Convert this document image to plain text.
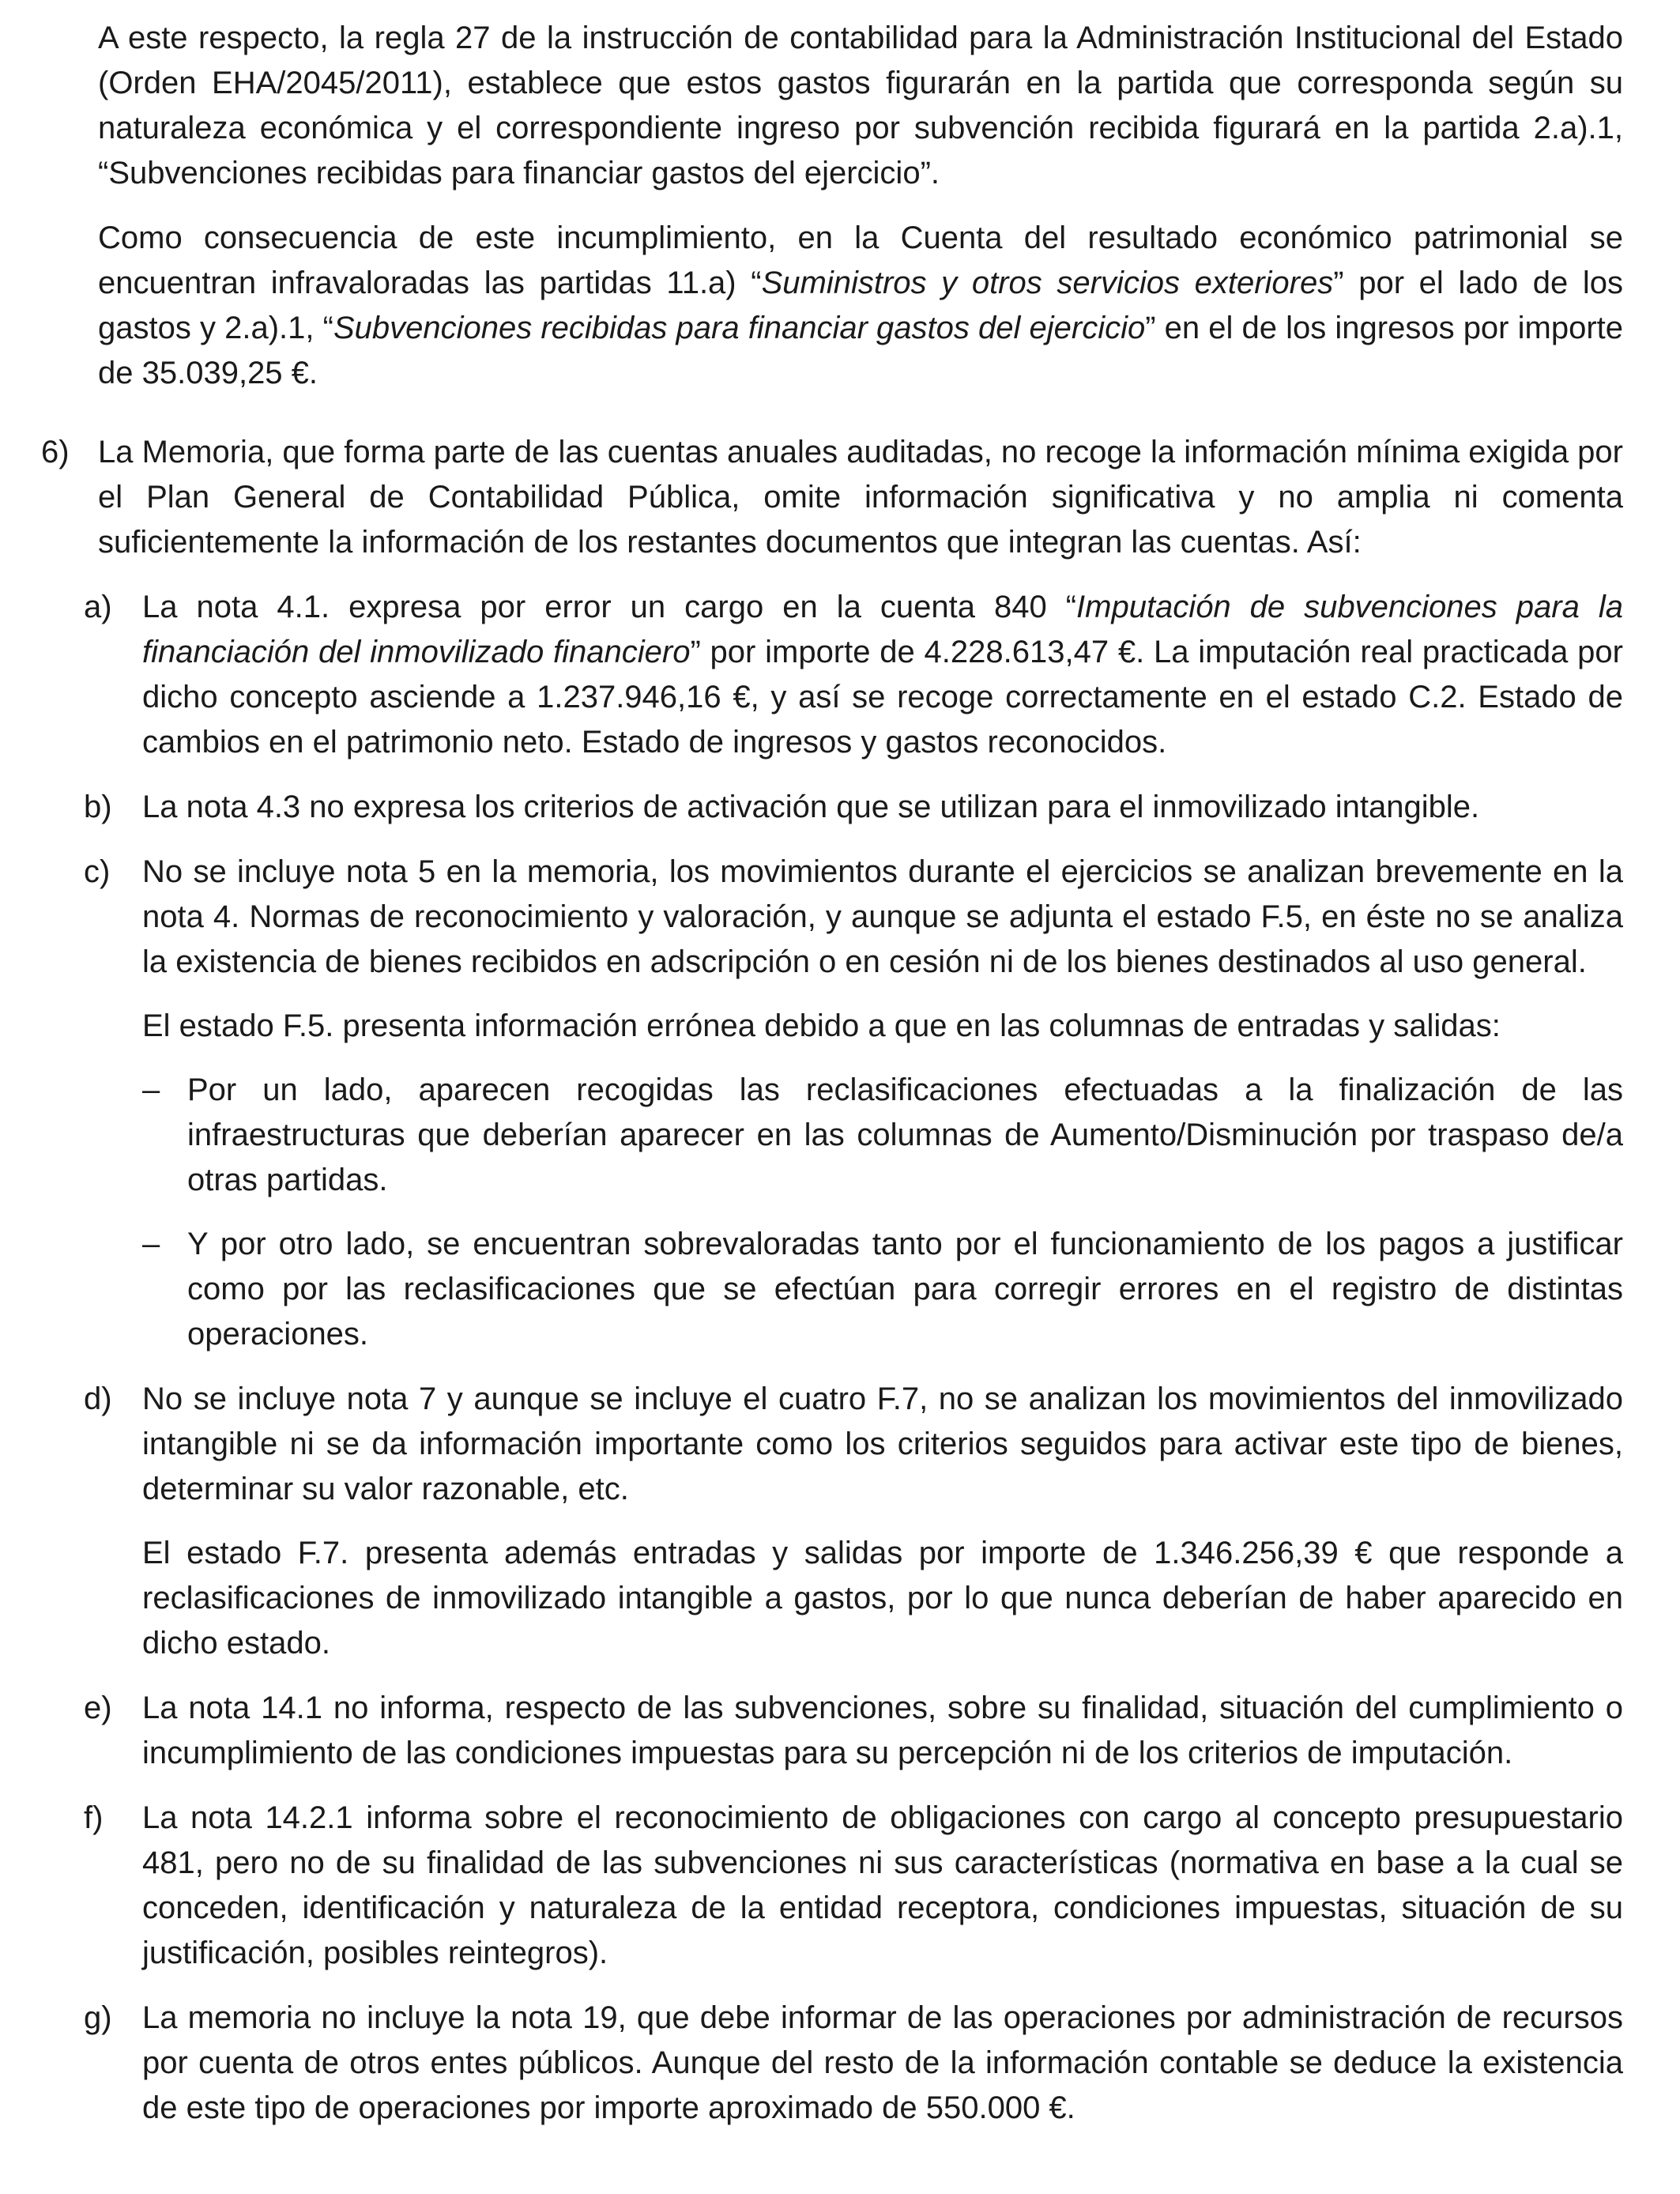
A este respecto, la regla 27 de la instrucción de contabilidad para la Administración Institucional del Estado (Orden EHA/2045/2011), establece que estos gastos figurarán en la partida que corresponda según su naturaleza económica y el correspondiente ingreso por subvención recibida figurará en la partida 2.a).1, “Subvenciones recibidas para financiar gastos del ejercicio”.

Como consecuencia de este incumplimiento, en la Cuenta del resultado económico patrimonial se encuentran infravaloradas las partidas 11.a) “Suministros y otros servicios exteriores” por el lado de los gastos y 2.a).1, “Subvenciones recibidas para financiar gastos del ejercicio” en el de los ingresos por importe de 35.039,25 €.

6) La Memoria, que forma parte de las cuentas anuales auditadas, no recoge la información mínima exigida por el Plan General de Contabilidad Pública, omite información significativa y no amplia ni comenta suficientemente la información de los restantes documentos que integran las cuentas. Así:

a) La nota 4.1. expresa por error un cargo en la cuenta 840 “Imputación de subvenciones para la financiación del inmovilizado financiero” por importe de 4.228.613,47 €. La imputación real practicada por dicho concepto asciende a 1.237.946,16 €, y así se recoge correctamente en el estado C.2. Estado de cambios en el patrimonio neto. Estado de ingresos y gastos reconocidos.

b) La nota 4.3 no expresa los criterios de activación que se utilizan para el inmovilizado intangible.

c) No se incluye nota 5 en la memoria, los movimientos durante el ejercicios se analizan brevemente en la nota 4. Normas de reconocimiento y valoración, y aunque se adjunta el estado F.5, en éste no se analiza la existencia de bienes recibidos en adscripción o en cesión ni de los bienes destinados al uso general.

El estado F.5. presenta información errónea debido a que en las columnas de entradas y salidas:

– Por un lado, aparecen recogidas las reclasificaciones efectuadas a la finalización de las infraestructuras que deberían aparecer en las columnas de Aumento/Disminución por traspaso de/a otras partidas.

– Y por otro lado, se encuentran sobrevaloradas tanto por el funcionamiento de los pagos a justificar como por las reclasificaciones que se efectúan para corregir errores en el registro de distintas operaciones.

d) No se incluye nota 7 y aunque se incluye el cuatro F.7, no se analizan los movimientos del inmovilizado intangible ni se da información importante como los criterios seguidos para activar este tipo de bienes, determinar su valor razonable, etc.

El estado F.7. presenta además entradas y salidas por importe de 1.346.256,39 € que responde a reclasificaciones de inmovilizado intangible a gastos, por lo que nunca deberían de haber aparecido en dicho estado.

e) La nota 14.1 no informa, respecto de las subvenciones, sobre su finalidad, situación del cumplimiento o incumplimiento de las condiciones impuestas para su percepción ni de los criterios de imputación.

f) La nota 14.2.1 informa sobre el reconocimiento de obligaciones con cargo al concepto presupuestario 481, pero no de su finalidad de las subvenciones ni sus características (normativa en base a la cual se conceden, identificación y naturaleza de la entidad receptora, condiciones impuestas, situación de su justificación, posibles reintegros).

g) La memoria no incluye la nota 19, que debe informar de las operaciones por administración de recursos por cuenta de otros entes públicos. Aunque del resto de la información contable se deduce la existencia de este tipo de operaciones por importe aproximado de 550.000 €.
